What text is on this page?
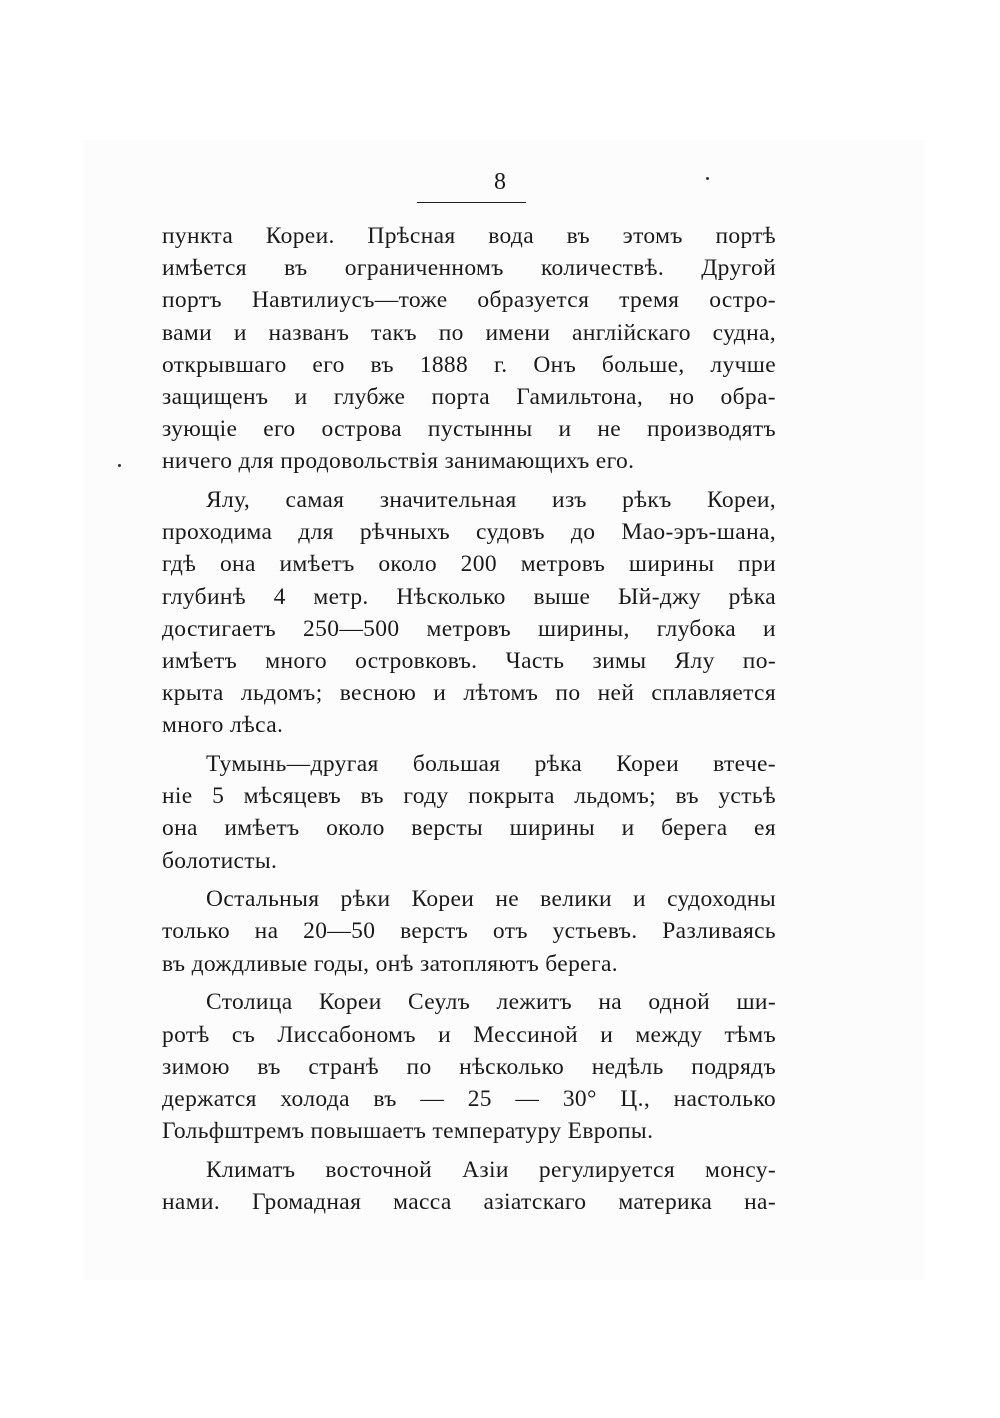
8
пункта Кореи. Прѣсная вода въ этомъ портѣ
имѣется въ ограниченномъ количествѣ. Другой
портъ Навтилиусъ—тоже образуется тремя остро-
вами и названъ такъ по имени англійскаго судна,
открывшаго его въ 1888 г. Онъ больше, лучше
защищенъ и глубже порта Гамильтона, но обра-
зующіе его острова пустынны и не производятъ
ничего для продовольствія занимающихъ его.
Ялу, самая значительная изъ рѣкъ Кореи,
проходима для рѣчныхъ судовъ до Мао-эръ-шана,
гдѣ она имѣетъ около 200 метровъ ширины при
глубинѣ 4 метр. Нѣсколько выше Ый-джу рѣка
достигаетъ 250—500 метровъ ширины, глубока и
имѣетъ много островковъ. Часть зимы Ялу по-
крыта льдомъ; весною и лѣтомъ по ней сплавляется
много лѣса.
Тумынь—другая большая рѣка Кореи втече-
ніе 5 мѣсяцевъ въ году покрыта льдомъ; въ устьѣ
она имѣетъ около версты ширины и берега ея
болотисты.
Остальныя рѣки Кореи не велики и судоходны
только на 20—50 верстъ отъ устьевъ. Разливаясь
въ дождливые годы, онѣ затопляютъ берега.
Столица Кореи Сеулъ лежитъ на одной ши-
ротѣ съ Лиссабономъ и Мессиной и между тѣмъ
зимою въ странѣ по нѣсколько недѣль подрядъ
держатся холода въ — 25 — 30° Ц., настолько
Гольфштремъ повышаетъ температуру Европы.
Климатъ восточной Азіи регулируется монсу-
нами. Громадная масса азіатскаго материка на-
